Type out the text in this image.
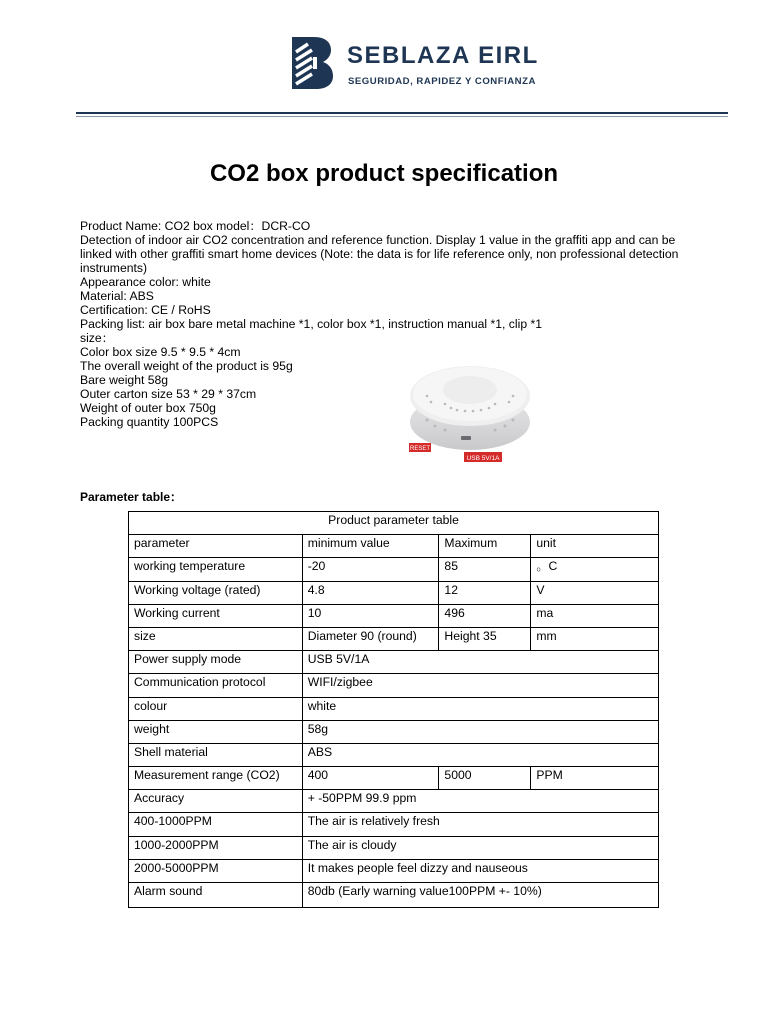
SEBLAZA EIRL
SEGURIDAD, RAPIDEZ Y CONFIANZA
CO2 box product specification
Product Name: CO2 box model：DCR-CO
Detection of indoor air CO2 concentration and reference function. Display 1 value in the graffiti app and can be linked with other graffiti smart home devices (Note: the data is for life reference only, non professional detection instruments)
Appearance color: white
Material: ABS
Certification: CE / RoHS
Packing list: air box bare metal machine *1, color box *1, instruction manual *1, clip *1
size：
Color box size 9.5 * 9.5 * 4cm
The overall weight of the product is 95g
Bare weight 58g
Outer carton size 53 * 29 * 37cm
Weight of outer box 750g
Packing quantity 100PCS
RESET
USB 5V/1A
Parameter table：
Product parameter table			
parameter	minimum value	Maximum	unit
working temperature	-20	85	。C
Working voltage (rated)	4.8	12	V
Working current	10	496	ma
size	Diameter 90 (round)	Height 35	mm
Power supply mode	USB 5V/1A		
Communication protocol	WIFI/zigbee		
colour	white		
weight	58g		
Shell material	ABS		
Measurement range (CO2)	400	5000	PPM
Accuracy	+ -50PPM 99.9 ppm		
400-1000PPM	The air is relatively fresh		
1000-2000PPM	The air is cloudy		
2000-5000PPM	It makes people feel dizzy and nauseous		
Alarm sound	80db (Early warning value100PPM +- 10%)		
